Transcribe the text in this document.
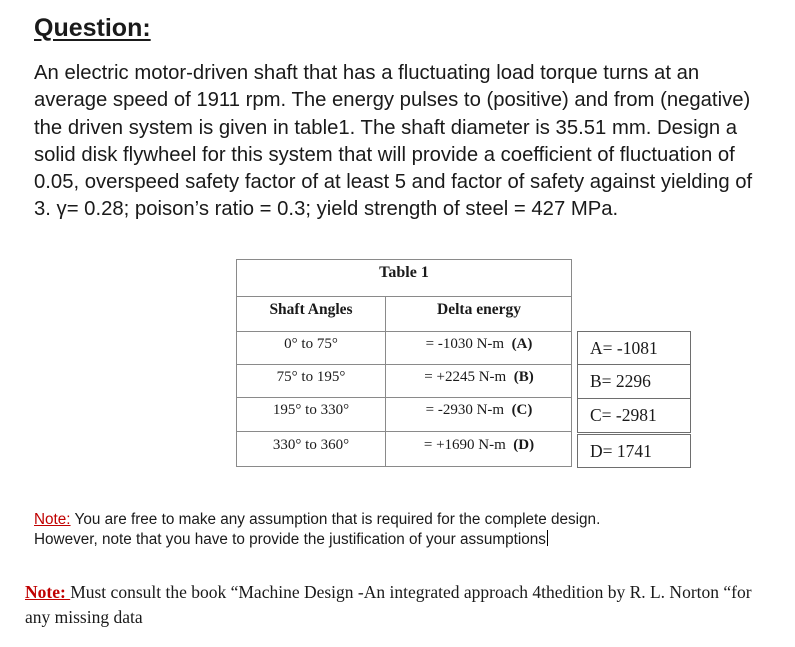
Question:

An electric motor-driven shaft that has a fluctuating load torque turns at an average speed of 1911 rpm. The energy pulses to (positive) and from (negative) the driven system is given in table1. The shaft diameter is 35.51 mm. Design a solid disk flywheel for this system that will provide a coefficient of fluctuation of 0.05, overspeed safety factor of at least 5 and factor of safety against yielding of 3. γ= 0.28; poison’s ratio = 0.3; yield strength of steel = 427 MPa.

Table 1
Shaft Angles	Delta energy
0° to 75°	= -1030 N-m (A)
75° to 195°	= +2245 N-m (B)
195° to 330°	= -2930 N-m (C)
330° to 360°	= +1690 N-m (D)
A= -1081
B= 2296
C= -2981
D= 1741

Note: You are free to make any assumption that is required for the complete design.
However, note that you have to provide the justification of your assumptions

Note: Must consult the book “Machine Design -An integrated approach 4thedition by R. L. Norton “for any missing data
